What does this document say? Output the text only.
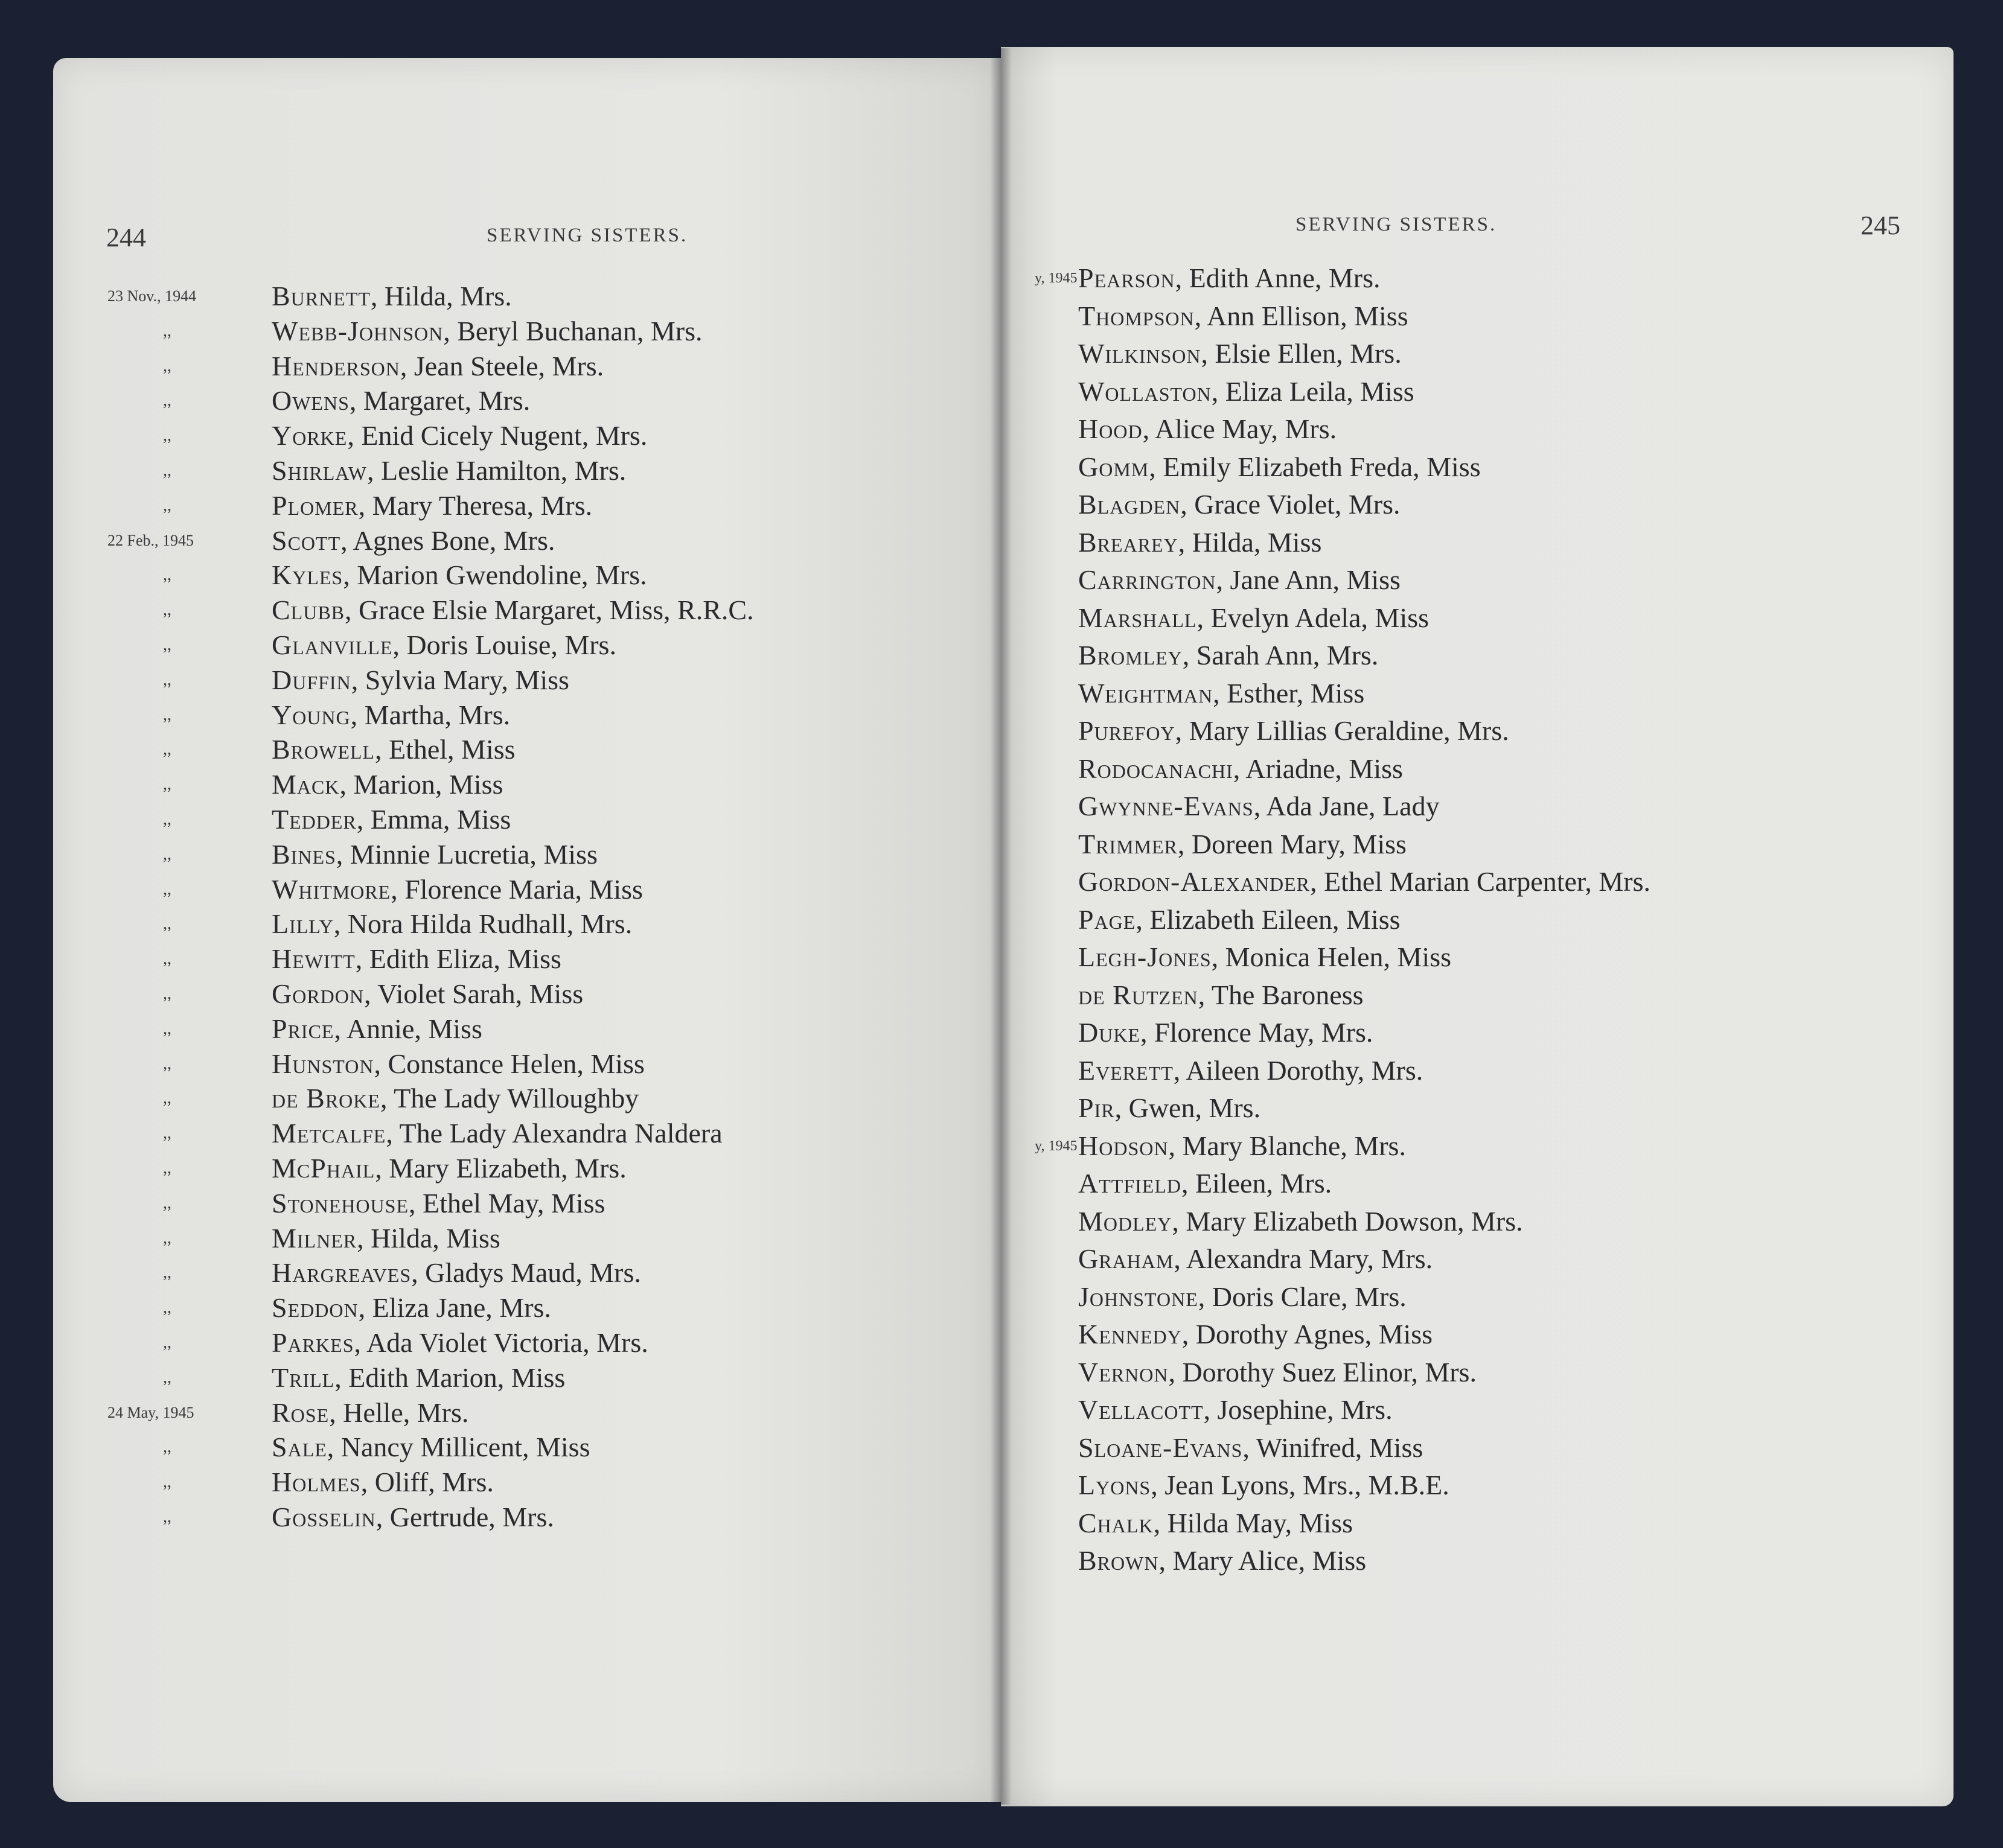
244	SERVING SISTERS.
23 Nov., 1944	Burnett, Hilda, Mrs.
,,	Webb-Johnson, Beryl Buchanan, Mrs.
,,	Henderson, Jean Steele, Mrs.
,,	Owens, Margaret, Mrs.
,,	Yorke, Enid Cicely Nugent, Mrs.
,,	Shirlaw, Leslie Hamilton, Mrs.
,,	Plomer, Mary Theresa, Mrs.
22 Feb., 1945	Scott, Agnes Bone, Mrs.
,,	Kyles, Marion Gwendoline, Mrs.
,,	Clubb, Grace Elsie Margaret, Miss, R.R.C.
,,	Glanville, Doris Louise, Mrs.
,,	Duffin, Sylvia Mary, Miss
,,	Young, Martha, Mrs.
,,	Browell, Ethel, Miss
,,	Mack, Marion, Miss
,,	Tedder, Emma, Miss
,,	Bines, Minnie Lucretia, Miss
,,	Whitmore, Florence Maria, Miss
,,	Lilly, Nora Hilda Rudhall, Mrs.
,,	Hewitt, Edith Eliza, Miss
,,	Gordon, Violet Sarah, Miss
,,	Price, Annie, Miss
,,	Hunston, Constance Helen, Miss
,,	de Broke, The Lady Willoughby
,,	Metcalfe, The Lady Alexandra Naldera
,,	McPhail, Mary Elizabeth, Mrs.
,,	Stonehouse, Ethel May, Miss
,,	Milner, Hilda, Miss
,,	Hargreaves, Gladys Maud, Mrs.
,,	Seddon, Eliza Jane, Mrs.
,,	Parkes, Ada Violet Victoria, Mrs.
,,	Trill, Edith Marion, Miss
24 May, 1945	Rose, Helle, Mrs.
,,	Sale, Nancy Millicent, Miss
,,	Holmes, Oliff, Mrs.
,,	Gosselin, Gertrude, Mrs.
SERVING SISTERS.	245
y, 1945 Pearson, Edith Anne, Mrs.
Thompson, Ann Ellison, Miss
Wilkinson, Elsie Ellen, Mrs.
Wollaston, Eliza Leila, Miss
Hood, Alice May, Mrs.
Gomm, Emily Elizabeth Freda, Miss
Blagden, Grace Violet, Mrs.
Brearey, Hilda, Miss
Carrington, Jane Ann, Miss
Marshall, Evelyn Adela, Miss
Bromley, Sarah Ann, Mrs.
Weightman, Esther, Miss
Purefoy, Mary Lillias Geraldine, Mrs.
Rodocanachi, Ariadne, Miss
Gwynne-Evans, Ada Jane, Lady
Trimmer, Doreen Mary, Miss
Gordon-Alexander, Ethel Marian Carpenter, Mrs.
Page, Elizabeth Eileen, Miss
Legh-Jones, Monica Helen, Miss
de Rutzen, The Baroness
Duke, Florence May, Mrs.
Everett, Aileen Dorothy, Mrs.
Pir, Gwen, Mrs.
y, 1945 Hodson, Mary Blanche, Mrs.
Attfield, Eileen, Mrs.
Modley, Mary Elizabeth Dowson, Mrs.
Graham, Alexandra Mary, Mrs.
Johnstone, Doris Clare, Mrs.
Kennedy, Dorothy Agnes, Miss
Vernon, Dorothy Suez Elinor, Mrs.
Vellacott, Josephine, Mrs.
Sloane-Evans, Winifred, Miss
Lyons, Jean Lyons, Mrs., M.B.E.
Chalk, Hilda May, Miss
Brown, Mary Alice, Miss
